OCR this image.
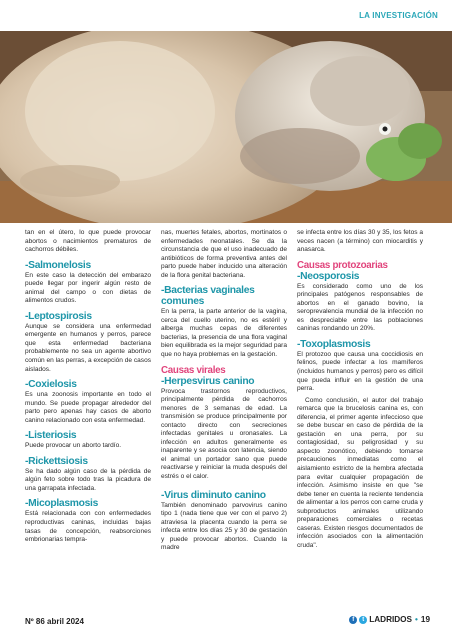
LA INVESTIGACIÓN

tan en el útero, lo que puede provocar abortos o nacimientos prematuros de cachorros débiles.

-Salmonelosis

En este caso la detección del embarazo puede llegar por ingerir algún resto de animal del campo o con dietas de alimentos crudos.

-Leptospirosis

Aunque se considera una enfermedad emergente en humanos y perros, parece que esta enfermedad bacteriana probablemente no sea un agente abortivo común en las perras, a excepción de casos aislados.

-Coxielosis

Es una zoonosis importante en todo el mundo. Se puede propagar alrededor del parto pero apenas hay casos de aborto canino relacionado con esta enfermedad.

-Listeriosis

Puede provocar un aborto tardío.

-Rickettsiosis

Se ha dado algún caso de la pérdida de algún feto sobre todo tras la picadura de una garrapata infectada.

-Micoplasmosis

Está relacionada con con enfermedades reproductivas caninas, incluidas bajas tasas de concepción, reabsorciones embrionarias tempra-

nas, muertes fetales, abortos, mortinatos o enfermedades neonatales. Se da la circunstancia de que el uso inadecuado de antibióticos de forma preventiva antes del parto puede haber inducido una alteración de la flora genital bacteriana.

-Bacterias vaginales comunes

En la perra, la parte anterior de la vagina, cerca del cuello uterino, no es estéril y alberga muchas cepas de diferentes bacterias, la presencia de una flora vaginal bien equilibrada es la mejor seguridad para que no haya problemas en la gestación.

Causas virales
-Herpesvirus canino

Provoca trastornos reproductivos, principalmente pérdida de cachorros menores de 3 semanas de edad. La transmisión se produce principalmente por contacto directo con secreciones infectadas genitales u oronasales. La infección en adultos generalmente es inaparente y se asocia con latencia, siendo el animal un portador sano que puede reactivarse y reiniciar la muda después del estrés o el calor.

-Virus diminuto canino

También denominado parvovirus canino tipo 1 (nada tiene que ver con el parvo 2) atraviesa la placenta cuando la perra se infecta entre los días 25 y 30 de gestación y puede provocar abortos. Cuando la madre

se infecta entre los días 30 y 35, los fetos a veces nacen (a término) con miocarditis y anasarca.

Causas protozoarias
-Neosporosis

Es considerado como uno de los principales patógenos responsables de abortos en el ganado bovino, la seroprevalencia mundial de la infección no es despreciable entre las poblaciones caninas rondando un 20%.

-Toxoplasmosis

El protozoo que causa una coccidiosis en felinos, puede infectar a los mamíferos (incluidos humanos y perros) pero es difícil que pueda influir en la gestión de una perra.

Como conclusión, el autor del trabajo remarca que la brucelosis canina es, con diferencia, el primer agente infeccioso que se debe buscar en caso de pérdida de la gestación en una perra, por su contagiosidad, su peligrosidad y su aspecto zoonótico, debiendo tomarse precauciones inmediatas como el aislamiento estricto de la hembra afectada para evitar cualquier propagación de infección. Asimismo insiste en que "se debe tener en cuenta la reciente tendencia de alimentar a los perros con carne cruda y subproductos animales utilizando preparaciones comerciales o recetas caseras. Existen riesgos documentados de infección asociados con la alimentación cruda".

Nº 86 abril 2024	f	t LADRIDOS • 19
